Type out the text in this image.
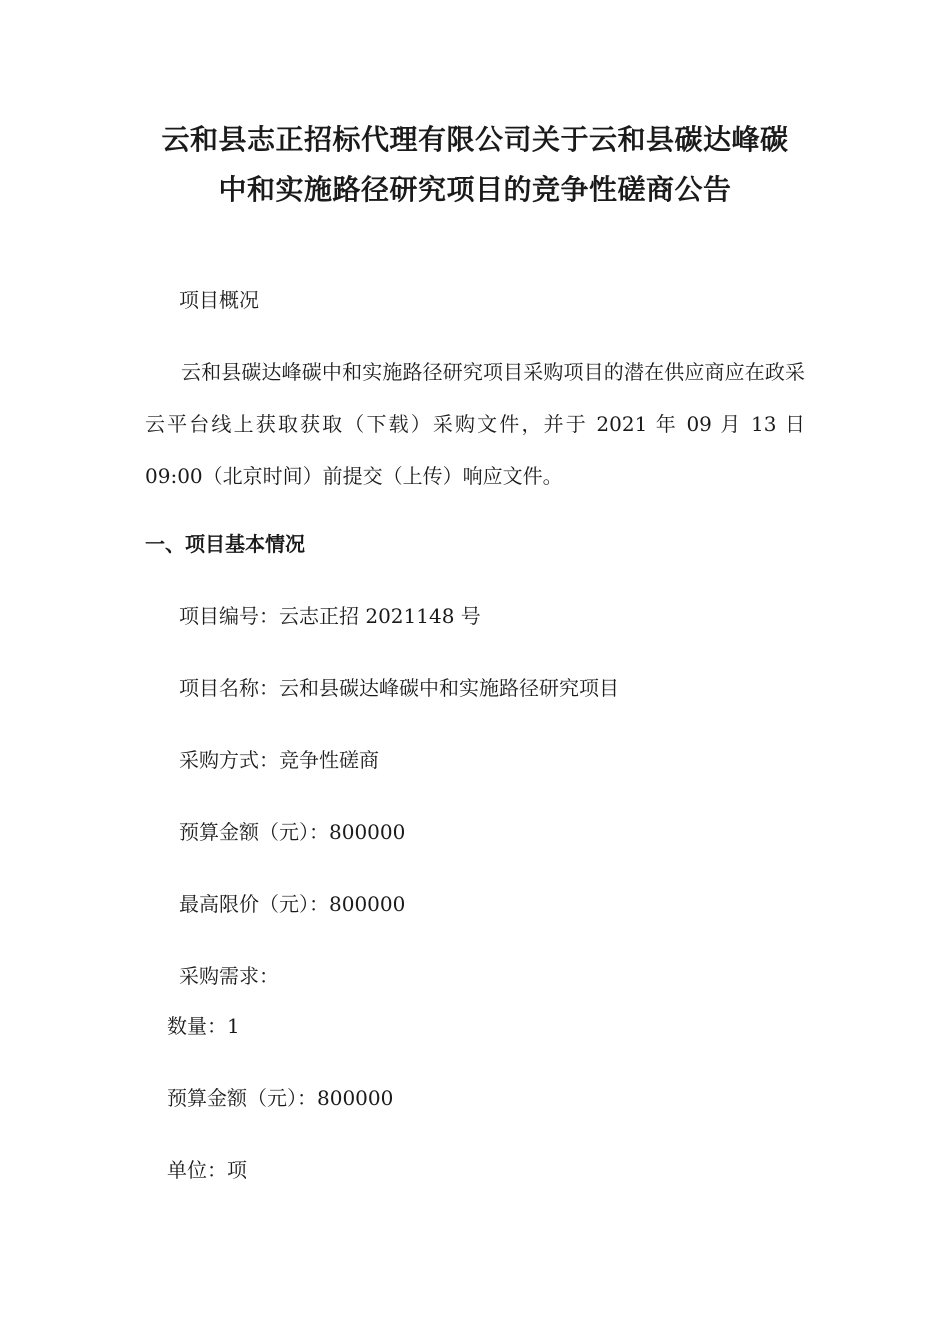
云和县志正招标代理有限公司关于云和县碳达峰碳
中和实施路径研究项目的竞争性磋商公告
项目概况
云和县碳达峰碳中和实施路径研究项目采购项目的潜在供应商应在政采云平台线上获取获取（下载）采购文件，并于 2021 年 09 月 13 日 09:00（北京时间）前提交（上传）响应文件。
一、项目基本情况
项目编号：云志正招 2021148 号
项目名称：云和县碳达峰碳中和实施路径研究项目
采购方式：竞争性磋商
预算金额（元）：800000
最高限价（元）：800000
采购需求：
数量：1
预算金额（元）：800000
单位：项
